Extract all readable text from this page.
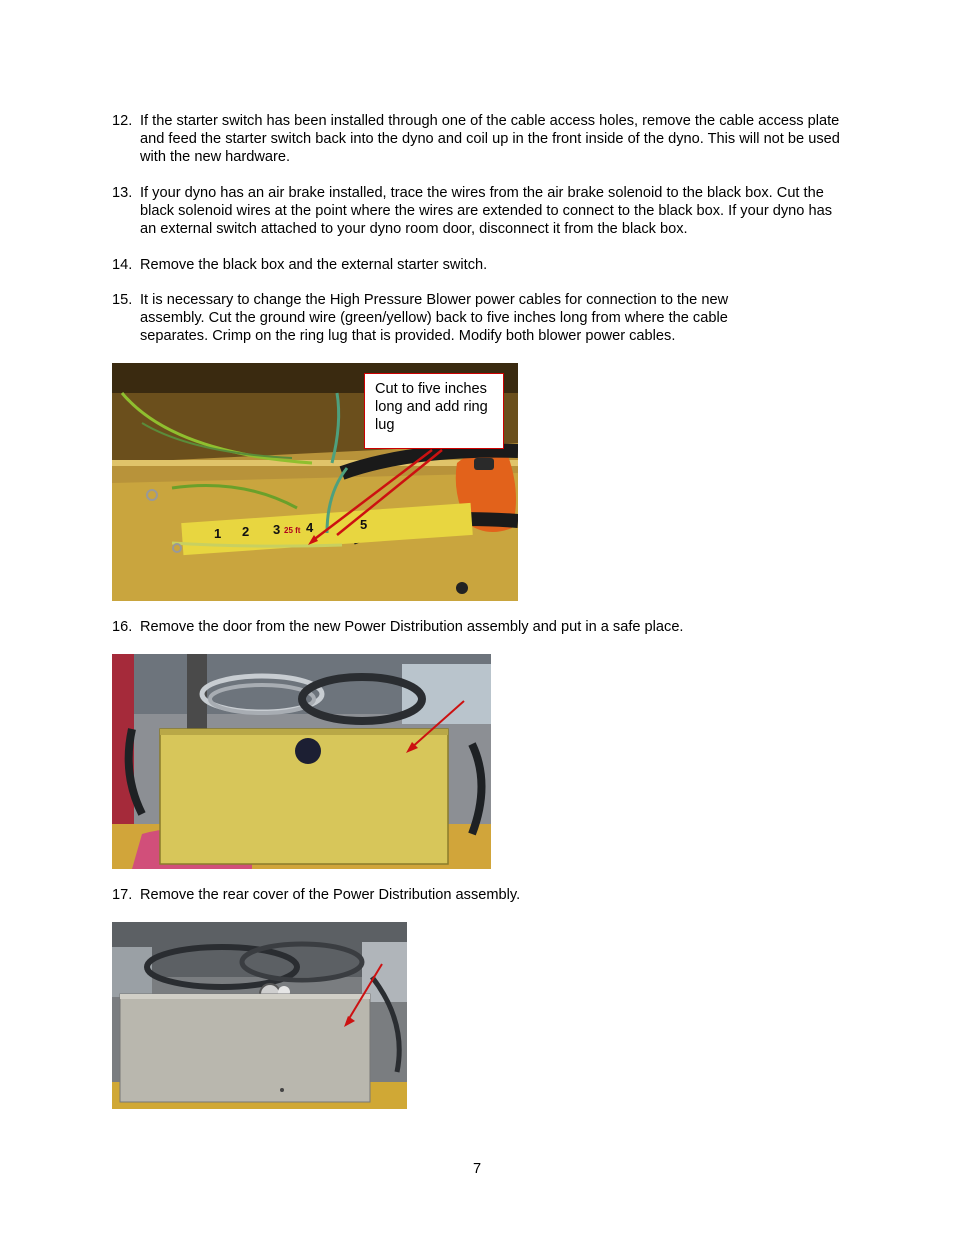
12. If the starter switch has been installed through one of the cable access holes, remove the cable access plate and feed the starter switch back into the dyno and coil up in the front inside of the dyno. This will not be used with the new hardware.
13. If your dyno has an air brake installed, trace the wires from the air brake solenoid to the black box. Cut the black solenoid wires at the point where the wires are extended to connect to the black box. If your dyno has an external switch attached to your dyno room door, disconnect it from the black box.
14. Remove the black box and the external starter switch.
15. It is necessary to change the High Pressure Blower power cables for connection to the new assembly. Cut the ground wire (green/yellow) back to five inches long from where the cable separates. Crimp on the ring lug that is provided. Modify both blower power cables.
1 2 3 4	5
25 ft
Cut to five inches long and add ring lug
16. Remove the door from the new Power Distribution assembly and put in a safe place.
17. Remove the rear cover of the Power Distribution assembly.
7
